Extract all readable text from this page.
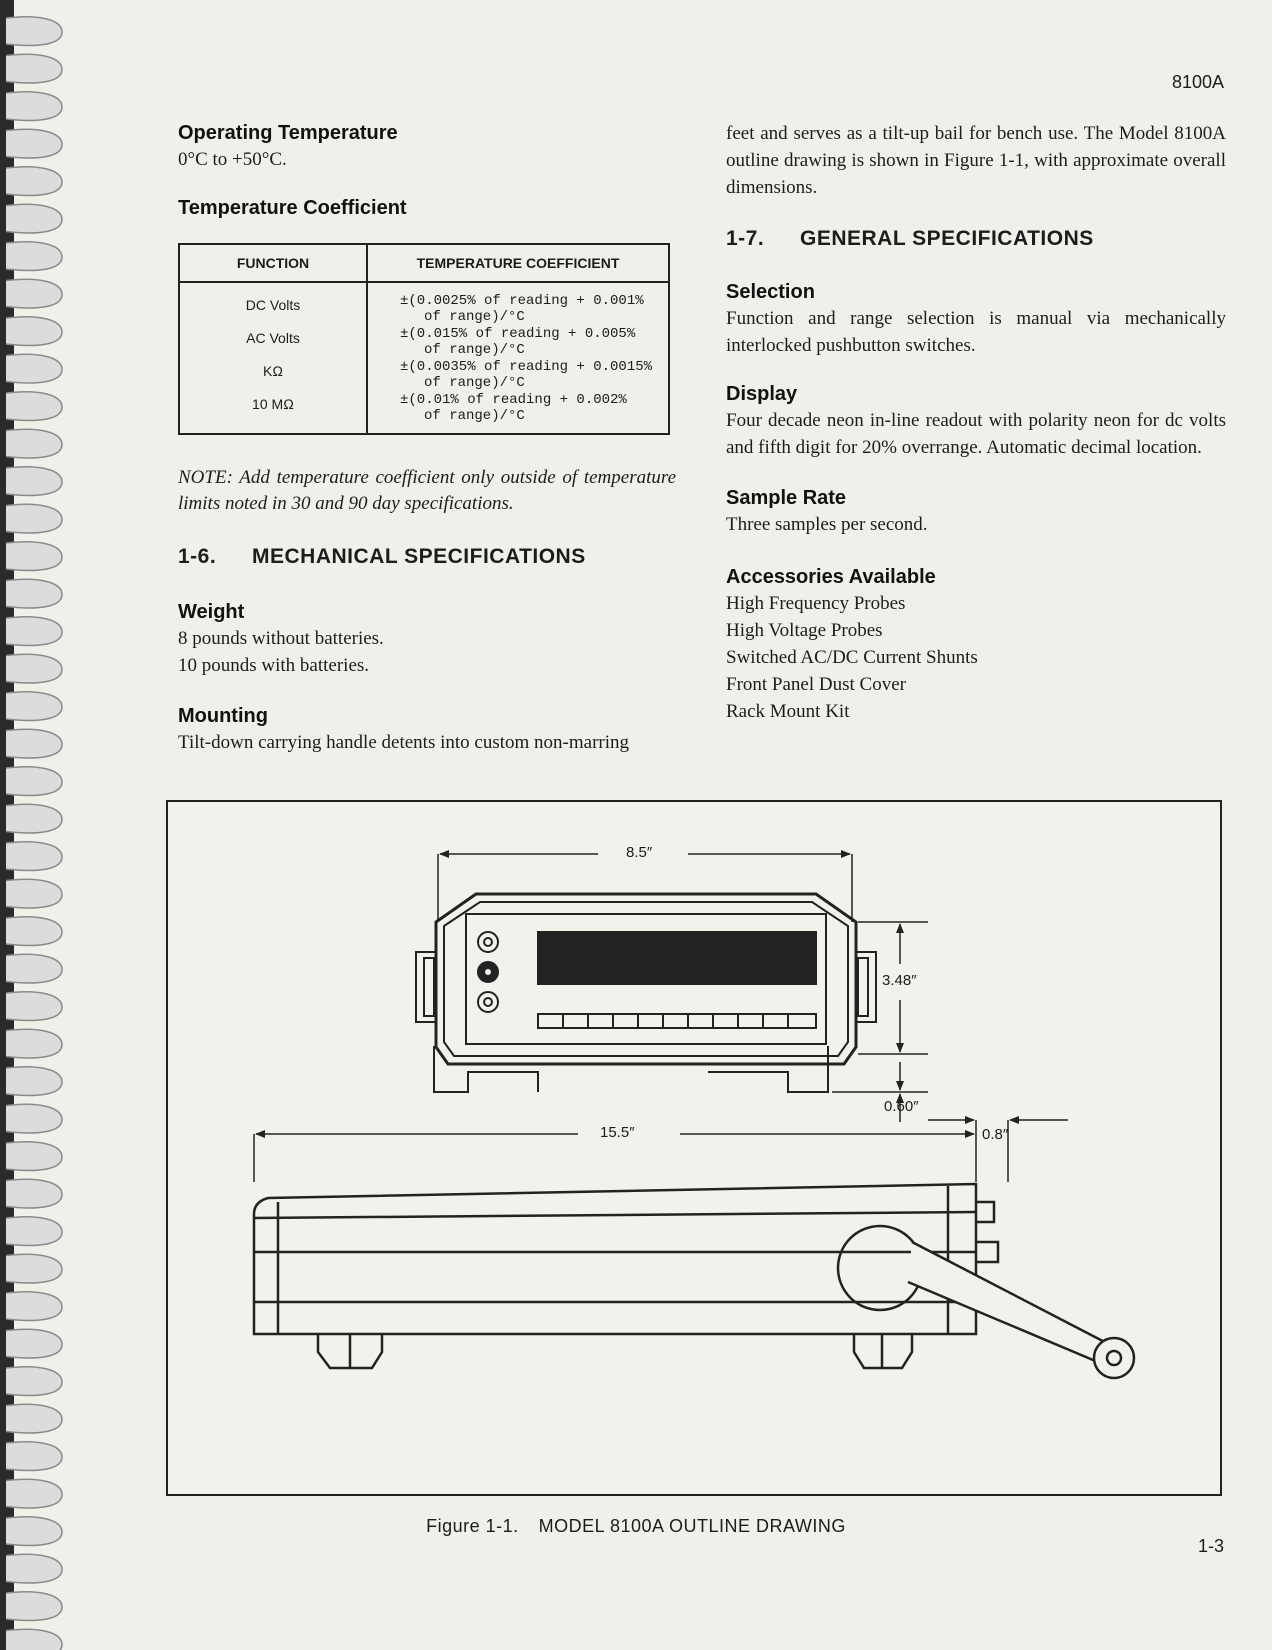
8100A
Operating Temperature
0°C to +50°C.
Temperature Coefficient
FUNCTION	TEMPERATURE COEFFICIENT

DC Volts	±(0.0025% of reading + 0.001%
of range)/°C

AC Volts	±(0.015% of reading + 0.005%
of range)/°C

KΩ	±(0.0035% of reading + 0.0015%
of range)/°C

10 MΩ	±(0.01% of reading + 0.002%
of range)/°C
NOTE: Add temperature coefficient only outside of temperature limits noted in 30 and 90 day specifications.
1-6.	MECHANICAL SPECIFICATIONS
Weight
8 pounds without batteries.
10 pounds with batteries.
Mounting
Tilt-down carrying handle detents into custom non-marring
feet and serves as a tilt-up bail for bench use. The Model 8100A outline drawing is shown in Figure 1-1, with approximate overall dimensions.
1-7.	GENERAL SPECIFICATIONS
Selection
Function and range selection is manual via mechanically interlocked pushbutton switches.
Display
Four decade neon in-line readout with polarity neon for dc volts and fifth digit for 20% overrange. Automatic decimal location.
Sample Rate
Three samples per second.
Accessories Available
High Frequency Probes
High Voltage Probes
Switched AC/DC Current Shunts
Front Panel Dust Cover
Rack Mount Kit
8.5″
3.48″
0.60″
15.5″	0.8″
Figure 1-1. MODEL 8100A OUTLINE DRAWING
1-3
